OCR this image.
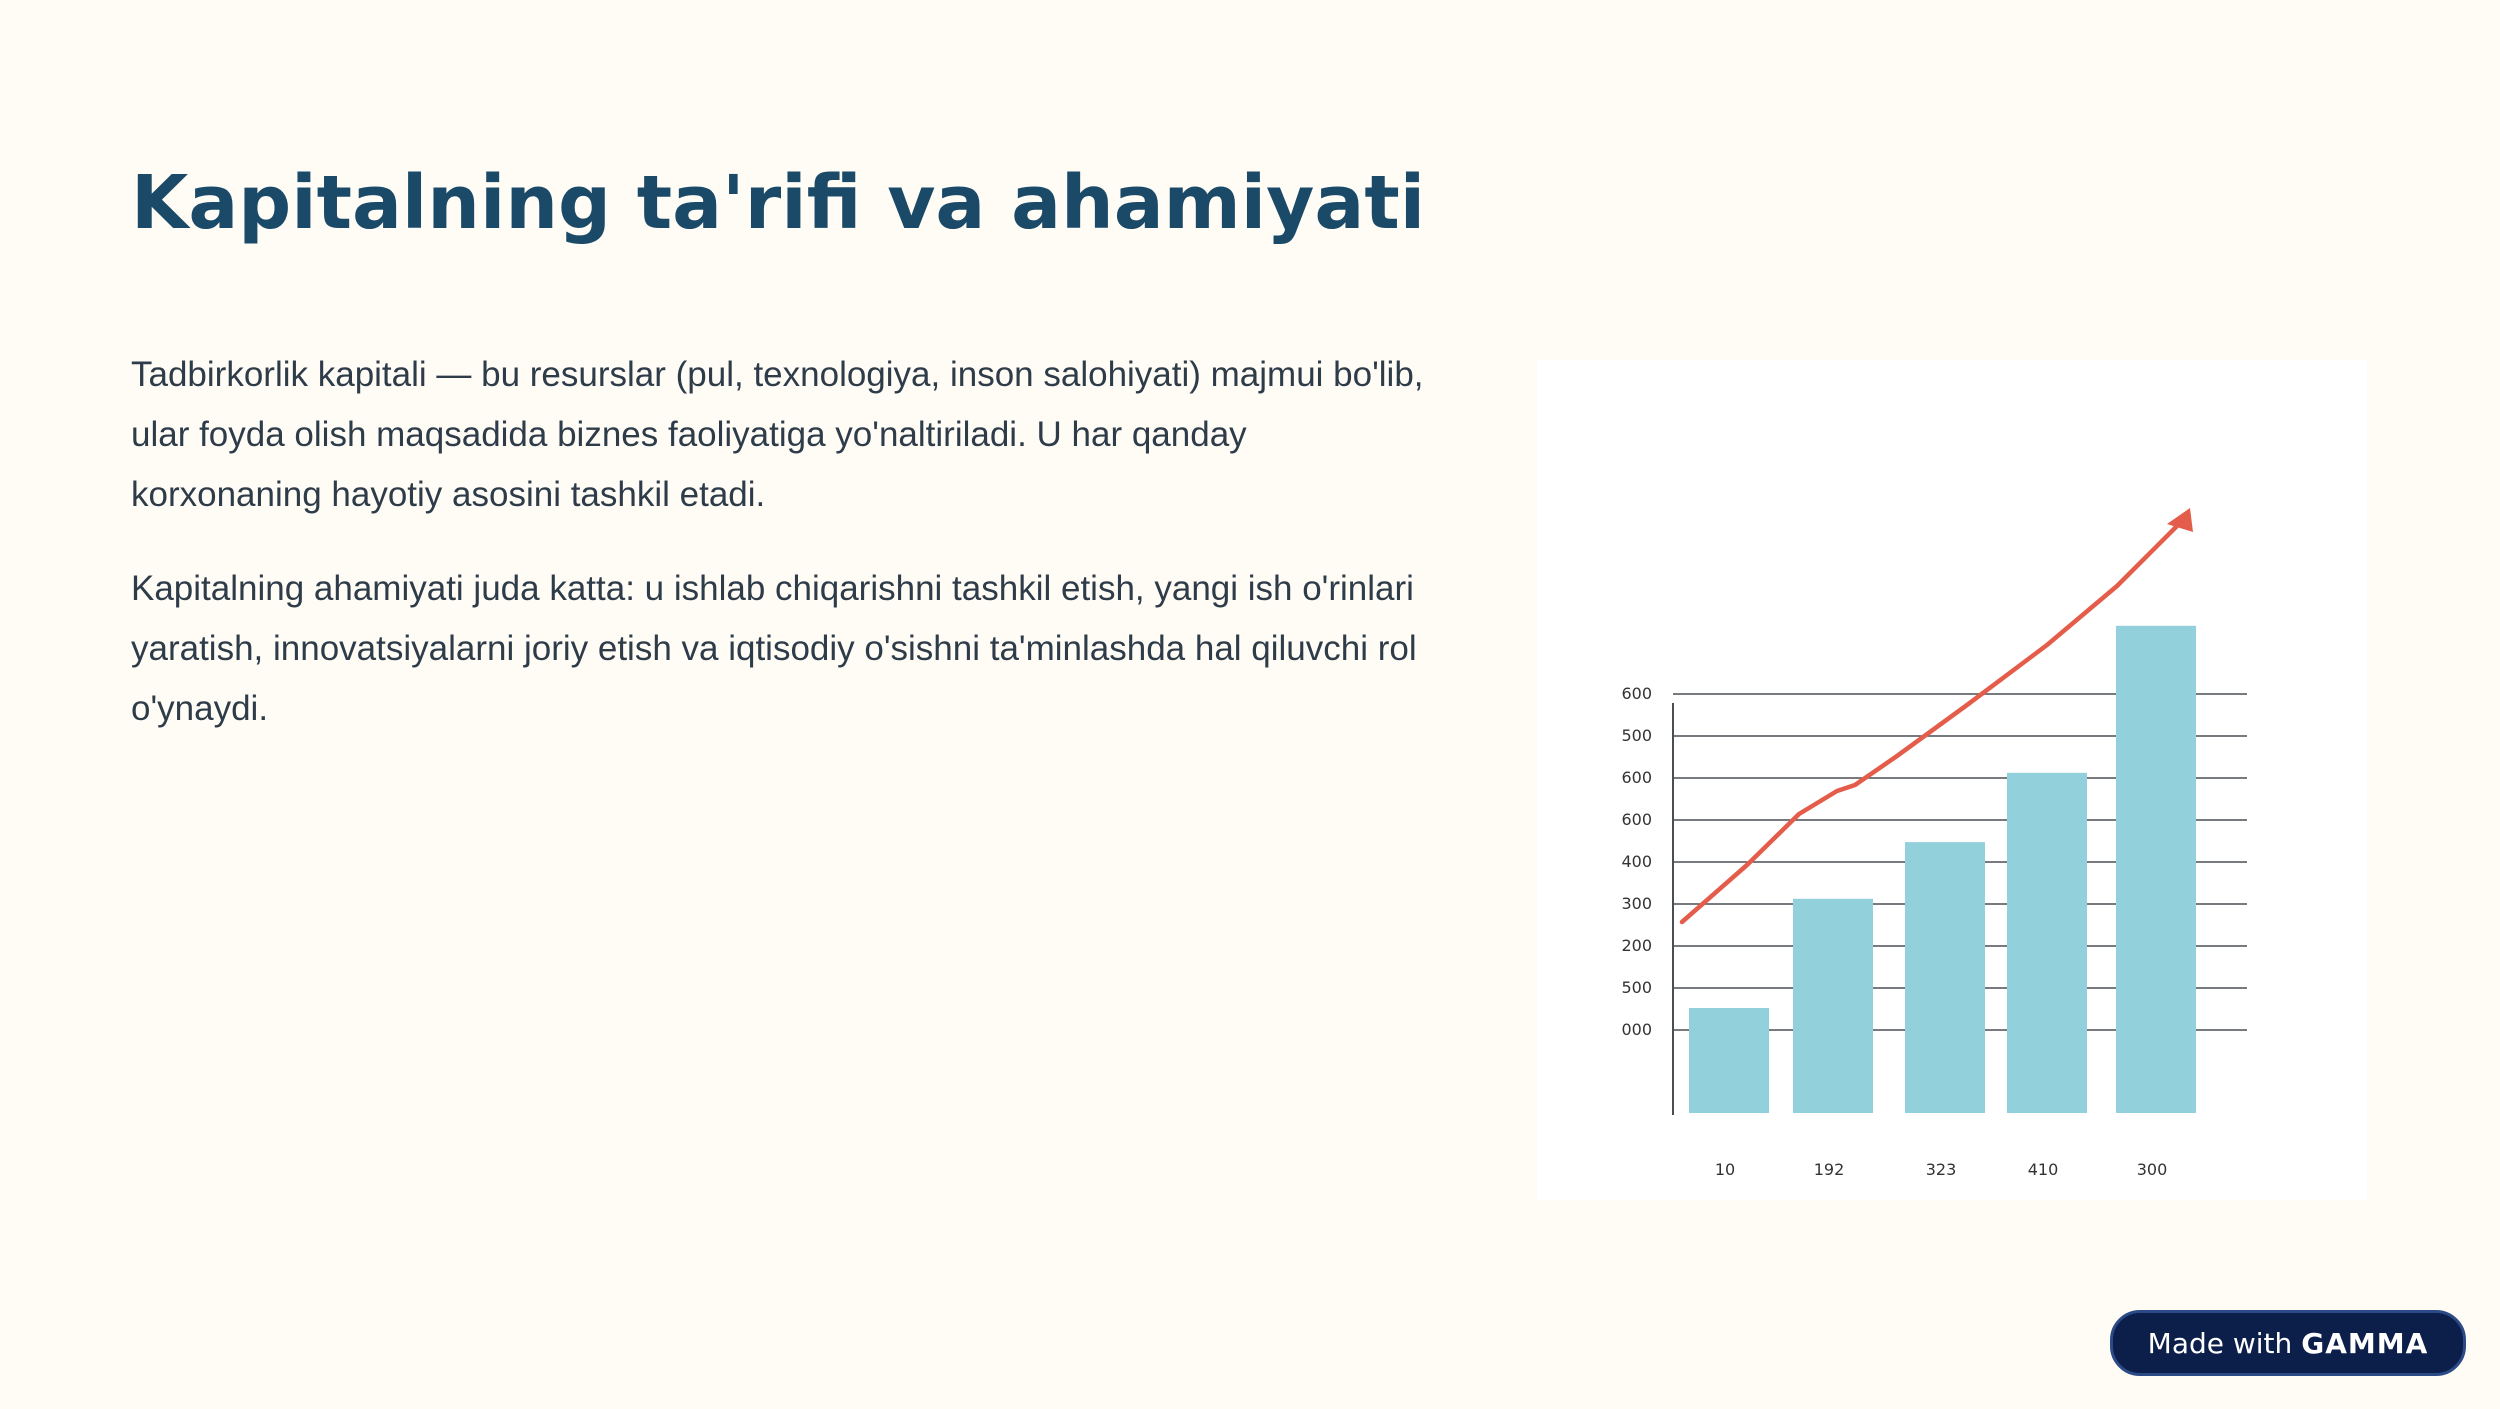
Kapitalning ta'rifi va ahamiyati

Tadbirkorlik kapitali — bu resurslar (pul, texnologiya, inson salohiyati) majmui bo'lib, ular foyda olish maqsadida biznes faoliyatiga yo'naltiriladi. U har qanday korxonaning hayotiy asosini tashkil etadi.

Kapitalning ahamiyati juda katta: u ishlab chiqarishni tashkil etish, yangi ish o'rinlari yaratish, innovatsiyalarni joriy etish va iqtisodiy o'sishni ta'minlashda hal qiluvchi rol o'ynaydi.

000
500
200
300
400
600
600
500
600
10	192	323	410	300
Made with GAMMA
